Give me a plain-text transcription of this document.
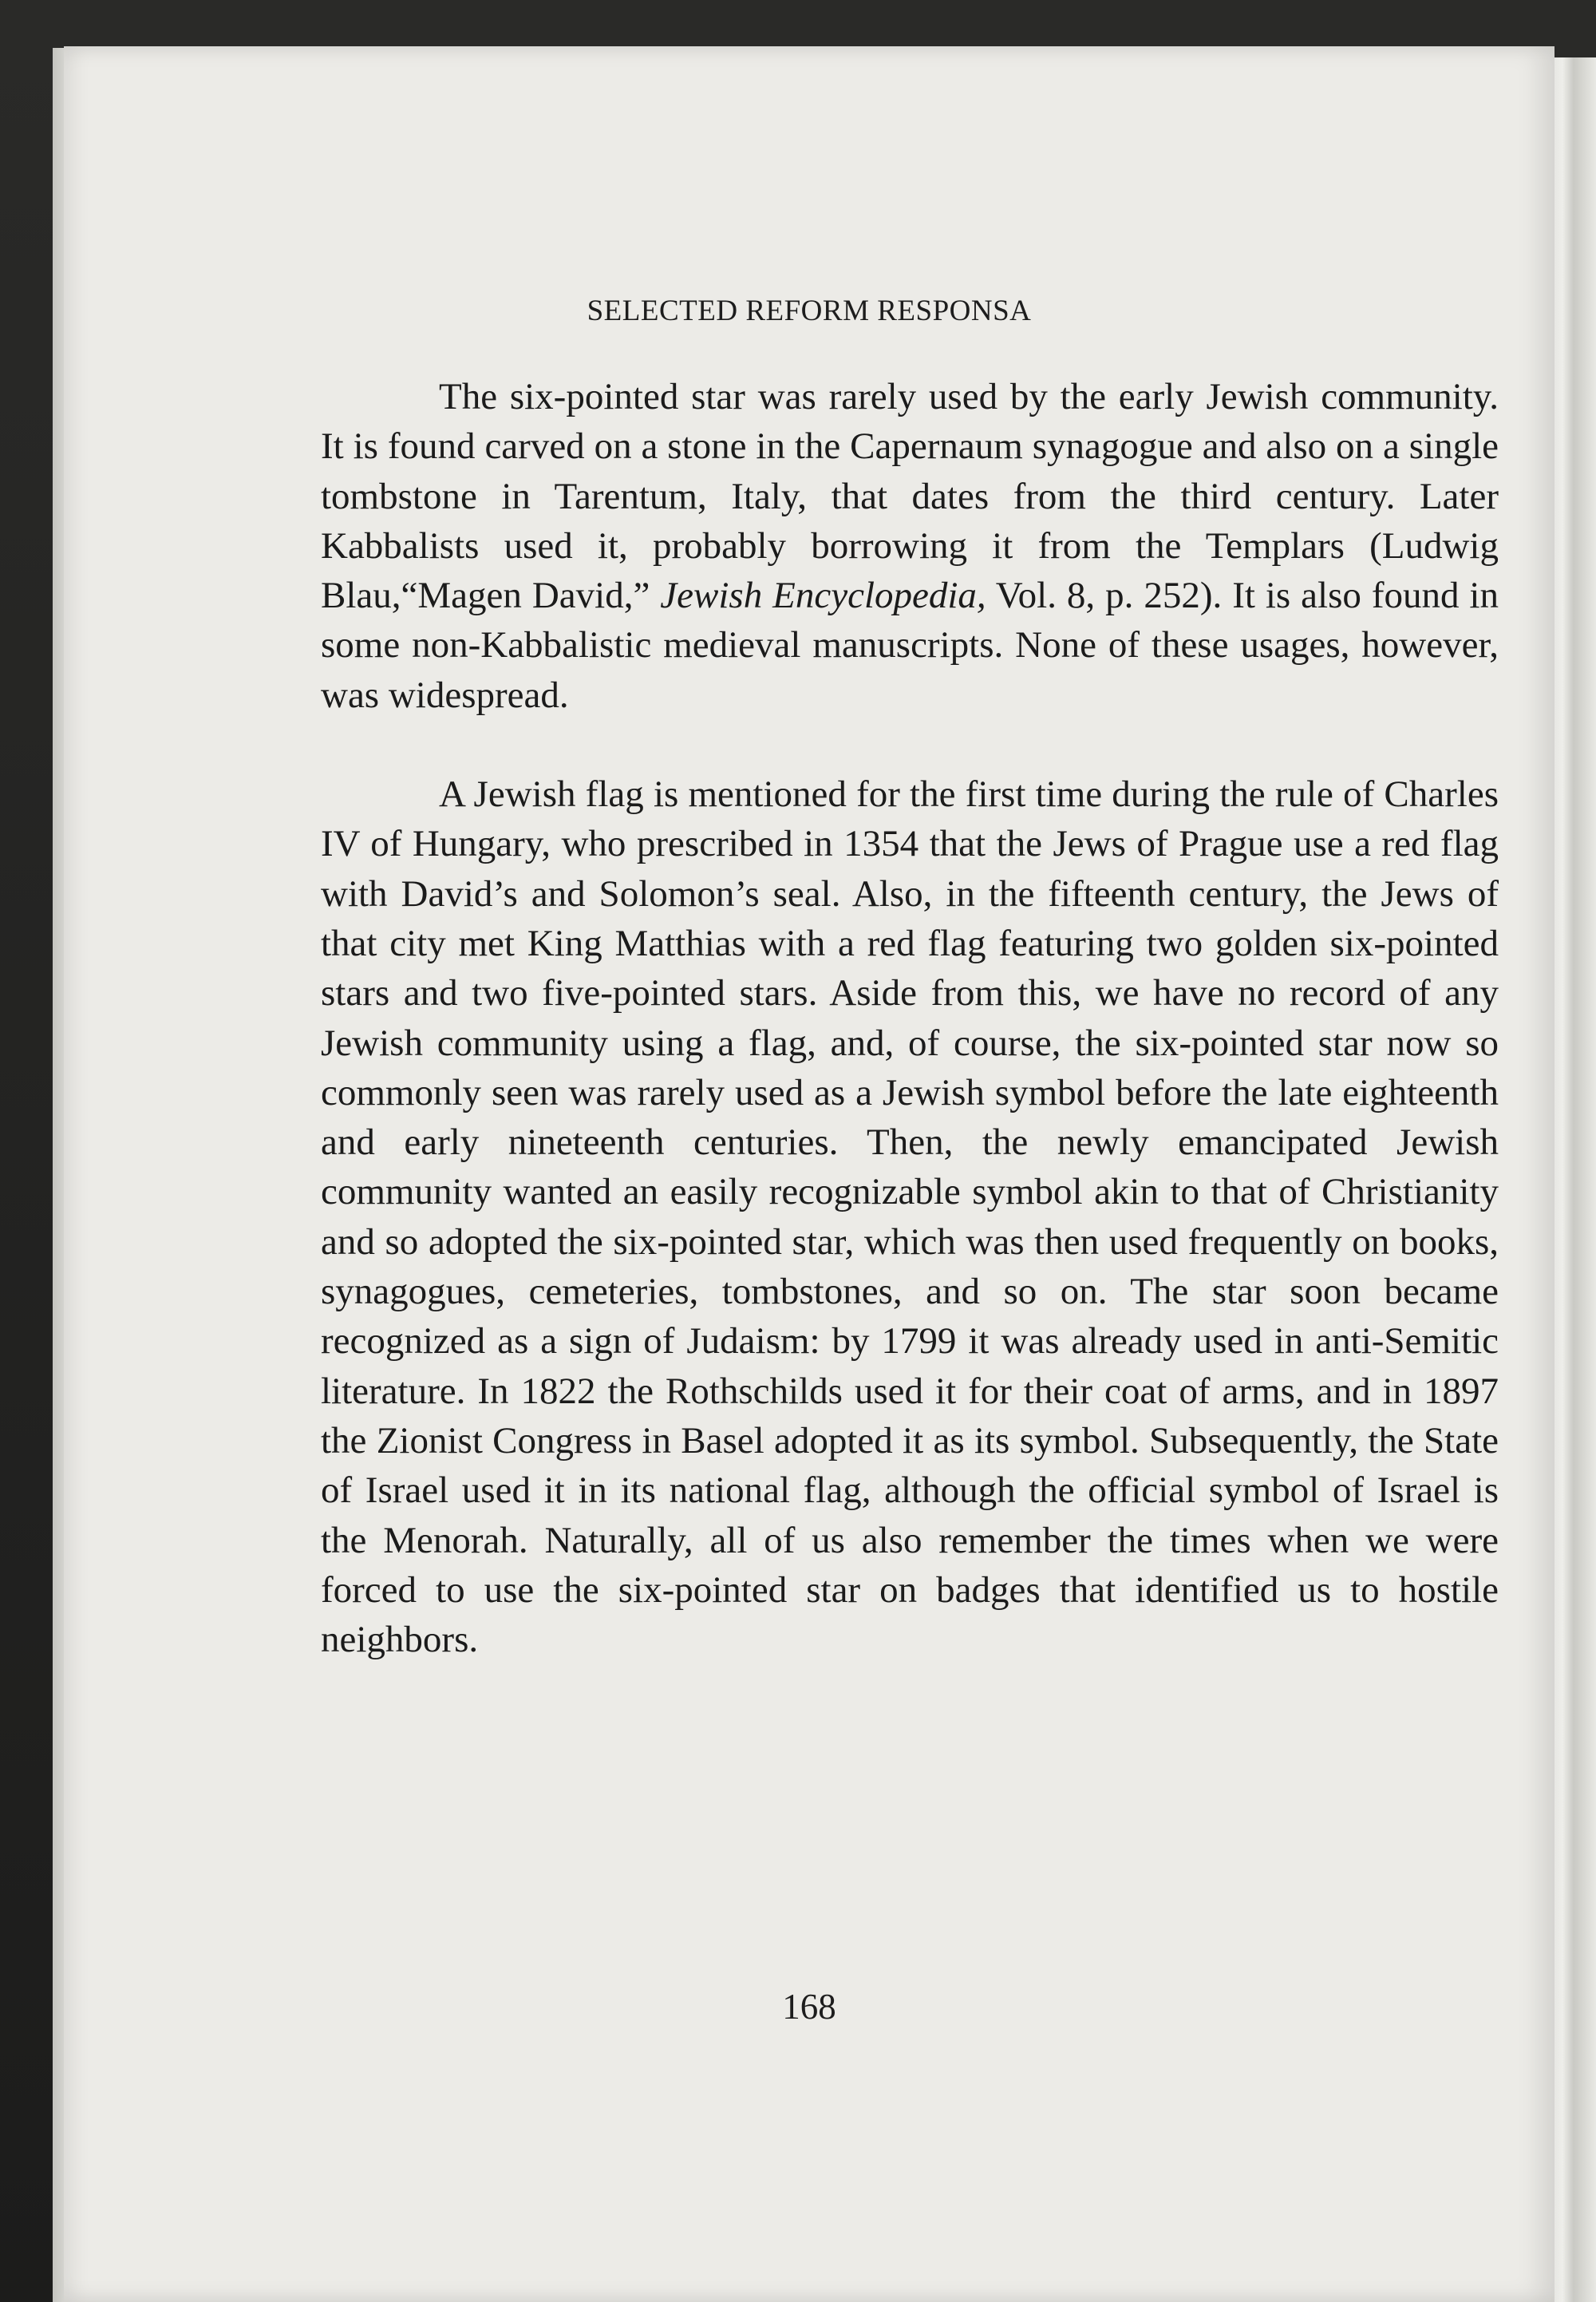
SELECTED REFORM RESPONSA

The six-pointed star was rarely used by the early Jewish community. It is found carved on a stone in the Capernaum synagogue and also on a single tombstone in Tarentum, Italy, that dates from the third century. Later Kabbalists used it, probably borrowing it from the Templars (Ludwig Blau,“Magen David,” Jewish Encyclopedia, Vol. 8, p. 252). It is also found in some non-Kabbalistic medieval manuscripts. None of these usages, however, was widespread.

A Jewish flag is mentioned for the first time during the rule of Charles IV of Hungary, who prescribed in 1354 that the Jews of Prague use a red flag with David’s and Solomon’s seal. Also, in the fifteenth century, the Jews of that city met King Matthias with a red flag featuring two golden six-pointed stars and two five-pointed stars. Aside from this, we have no record of any Jewish community using a flag, and, of course, the six-pointed star now so commonly seen was rarely used as a Jewish symbol before the late eighteenth and early nineteenth centuries. Then, the newly emancipated Jewish community wanted an easily recognizable symbol akin to that of Christianity and so adopted the six-pointed star, which was then used frequently on books, synagogues, cemeteries, tombstones, and so on. The star soon became recognized as a sign of Judaism: by 1799 it was already used in anti-Semitic literature. In 1822 the Rothschilds used it for their coat of arms, and in 1897 the Zionist Congress in Basel adopted it as its symbol. Subsequently, the State of Israel used it in its national flag, although the official symbol of Israel is the Menorah. Naturally, all of us also remember the times when we were forced to use the six-pointed star on badges that identified us to hostile neighbors.

168
